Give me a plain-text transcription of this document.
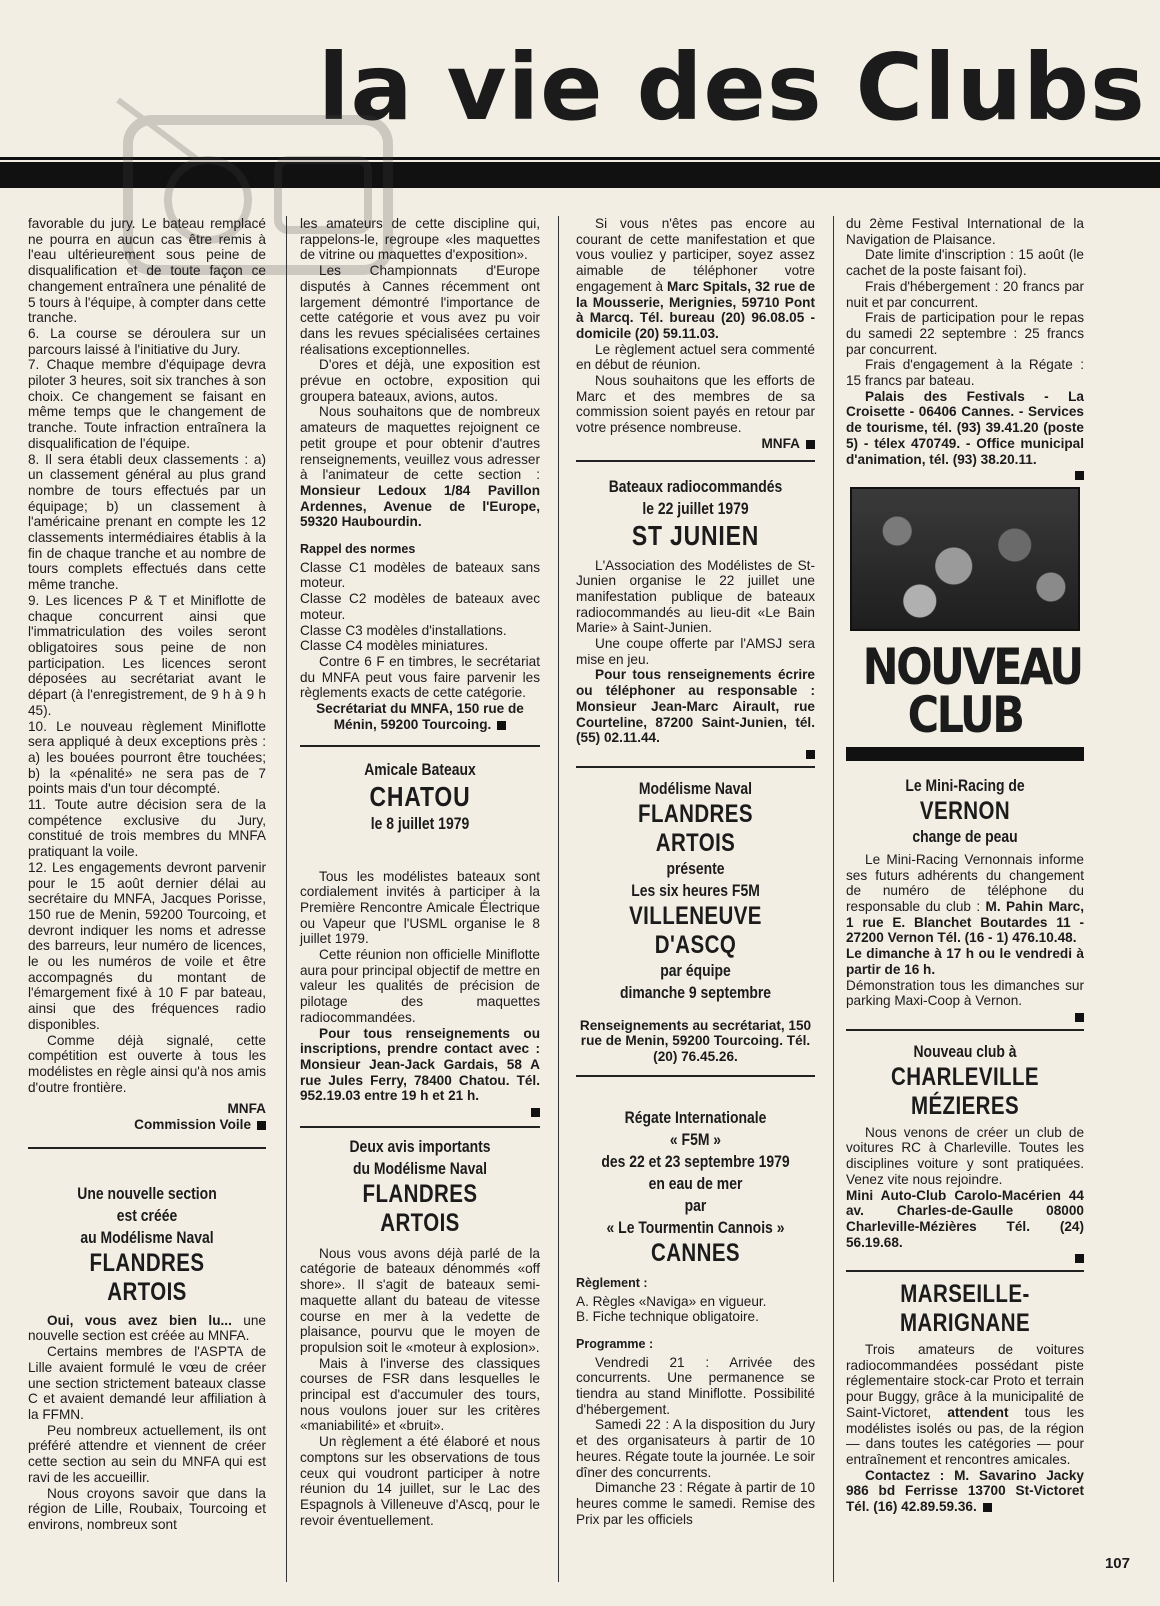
la vie des Clubs

favorable du jury. Le bateau remplacé ne pourra en aucun cas être remis à l'eau ultérieurement sous peine de disqualification et de toute façon ce changement entraînera une pénalité de 5 tours à l'équipe, à compter dans cette tranche.

6. La course se déroulera sur un parcours laissé à l'initiative du Jury.

7. Chaque membre d'équipage devra piloter 3 heures, soit six tranches à son choix. Ce changement se faisant en même temps que le changement de tranche. Toute infraction entraînera la disqualification de l'équipe.

8. Il sera établi deux classements : a) un classement général au plus grand nombre de tours effectués par un équipage; b) un classement à l'américaine prenant en compte les 12 classements intermédiaires établis à la fin de chaque tranche et au nombre de tours complets effectués dans cette même tranche.

9. Les licences P & T et Miniflotte de chaque concurrent ainsi que l'immatriculation des voiles seront obligatoires sous peine de non participation. Les licences seront déposées au secrétariat avant le départ (à l'enregistrement, de 9 h à 9 h 45).

10. Le nouveau règlement Miniflotte sera appliqué à deux exceptions près : a) les bouées pourront être touchées; b) la «pénalité» ne sera pas de 7 points mais d'un tour décompté.

11. Toute autre décision sera de la compétence exclusive du Jury, constitué de trois membres du MNFA pratiquant la voile.

12. Les engagements devront parvenir pour le 15 août dernier délai au secrétaire du MNFA, Jacques Porisse, 150 rue de Menin, 59200 Tourcoing, et devront indiquer les noms et adresse des barreurs, leur numéro de licences, le ou les numéros de voile et être accompagnés du montant de l'émargement fixé à 10 F par bateau, ainsi que des fréquences radio disponibles.

Comme déjà signalé, cette compétition est ouverte à tous les modélistes en règle ainsi qu'à nos amis d'outre frontière.

MNFA

Commission Voile

Une nouvelle section
est créée
au Modélisme Naval
FLANDRES ARTOIS

Oui, vous avez bien lu... une nouvelle section est créée au MNFA.

Certains membres de l'ASPTA de Lille avaient formulé le vœu de créer une section strictement bateaux classe C et avaient demandé leur affiliation à la FFMN.

Peu nombreux actuellement, ils ont préféré attendre et viennent de créer cette section au sein du MNFA qui est ravi de les accueillir.

Nous croyons savoir que dans la région de Lille, Roubaix, Tourcoing et environs, nombreux sont

les amateurs de cette discipline qui, rappelons-le, regroupe «les maquettes de vitrine ou maquettes d'exposition».

Les Championnats d'Europe disputés à Cannes récemment ont largement démontré l'importance de cette catégorie et vous avez pu voir dans les revues spécialisées certaines réalisations exceptionnelles.

D'ores et déjà, une exposition est prévue en octobre, exposition qui groupera bateaux, avions, autos.

Nous souhaitons que de nombreux amateurs de maquettes rejoignent ce petit groupe et pour obtenir d'autres renseignements, veuillez vous adresser à l'animateur de cette section : Monsieur Ledoux 1/84 Pavillon Ardennes, Avenue de l'Europe, 59320 Haubourdin.

Rappel des normes

Classe C1 modèles de bateaux sans moteur.

Classe C2 modèles de bateaux avec moteur.

Classe C3 modèles d'installations.

Classe C4 modèles miniatures.

Contre 6 F en timbres, le secrétariat du MNFA peut vous faire parvenir les règlements exacts de cette catégorie.

Secrétariat du MNFA, 150 rue de Ménin, 59200 Tourcoing.

Amicale Bateaux
CHATOU
le 8 juillet 1979

Tous les modélistes bateaux sont cordialement invités à participer à la Première Rencontre Amicale Électrique ou Vapeur que l'USML organise le 8 juillet 1979.

Cette réunion non officielle Miniflotte aura pour principal objectif de mettre en valeur les qualités de précision de pilotage des maquettes radiocommandées.

Pour tous renseignements ou inscriptions, prendre contact avec : Monsieur Jean-Jack Gardais, 58 A rue Jules Ferry, 78400 Chatou. Tél. 952.19.03 entre 19 h et 21 h.

Deux avis importants
du Modélisme Naval
FLANDRES ARTOIS

Nous vous avons déjà parlé de la catégorie de bateaux dénommés «off shore». Il s'agit de bateaux semi-maquette allant du bateau de vitesse course en mer à la vedette de plaisance, pourvu que le moyen de propulsion soit le «moteur à explosion».

Mais à l'inverse des classiques courses de FSR dans lesquelles le principal est d'accumuler des tours, nous voulons jouer sur les critères «maniabilité» et «bruit».

Un règlement a été élaboré et nous comptons sur les observations de tous ceux qui voudront participer à notre réunion du 14 juillet, sur le Lac des Espagnols à Villeneuve d'Ascq, pour le revoir éventuellement.

Si vous n'êtes pas encore au courant de cette manifestation et que vous vouliez y participer, soyez assez aimable de téléphoner votre engagement à Marc Spitals, 32 rue de la Mousserie, Merignies, 59710 Pont à Marcq. Tél. bureau (20) 96.08.05 - domicile (20) 59.11.03.

Le règlement actuel sera commenté en début de réunion.

Nous souhaitons que les efforts de Marc et des membres de sa commission soient payés en retour par votre présence nombreuse.

MNFA

Bateaux radiocommandés
le 22 juillet 1979
ST JUNIEN

L'Association des Modélistes de St-Junien organise le 22 juillet une manifestation publique de bateaux radiocommandés au lieu-dit «Le Bain Marie» à Saint-Junien.

Une coupe offerte par l'AMSJ sera mise en jeu.

Pour tous renseignements écrire ou téléphoner au responsable : Monsieur Jean-Marc Airault, rue Courteline, 87200 Saint-Junien, tél. (55) 02.11.44.

Modélisme Naval
FLANDRES ARTOIS
présente
Les six heures F5M
VILLENEUVE
D'ASCQ
par équipe
dimanche 9 septembre

Renseignements au secrétariat, 150 rue de Menin, 59200 Tourcoing. Tél. (20) 76.45.26.

Régate Internationale
« F5M »
des 22 et 23 septembre 1979
en eau de mer
par
« Le Tourmentin Cannois »
CANNES
Règlement :

A. Règles «Naviga» en vigueur.

B. Fiche technique obligatoire.

Programme :

Vendredi 21 : Arrivée des concurrents. Une permanence se tiendra au stand Miniflotte. Possibilité d'hébergement.

Samedi 22 : A la disposition du Jury et des organisateurs à partir de 10 heures. Régate toute la journée. Le soir dîner des concurrents.

Dimanche 23 : Régate à partir de 10 heures comme le samedi. Remise des Prix par les officiels

du 2ème Festival International de la Navigation de Plaisance.

Date limite d'inscription : 15 août (le cachet de la poste faisant foi).

Frais d'hébergement : 20 francs par nuit et par concurrent.

Frais de participation pour le repas du samedi 22 septembre : 25 francs par concurrent.

Frais d'engagement à la Régate : 15 francs par bateau.

Palais des Festivals - La Croisette - 06406 Cannes. - Services de tourisme, tél. (93) 39.41.20 (poste 5) - télex 470749. - Office municipal d'animation, tél. (93) 38.20.11.

NOUVEAU
CLUB
Le Mini-Racing de
VERNON
change de peau

Le Mini-Racing Vernonnais informe ses futurs adhérents du changement de numéro de téléphone du responsable du club : M. Pahin Marc, 1 rue E. Blanchet Boutardes 11 - 27200 Vernon Tél. (16 - 1) 476.10.48.

Le dimanche à 17 h ou le vendredi à partir de 16 h.

Démonstration tous les dimanches sur parking Maxi-Coop à Vernon.

Nouveau club à
CHARLEVILLE
MÉZIERES

Nous venons de créer un club de voitures RC à Charleville. Toutes les disciplines voiture y sont pratiquées. Venez vite nous rejoindre.

Mini Auto-Club Carolo-Macérien 44 av. Charles-de-Gaulle 08000 Charleville-Mézières Tél. (24) 56.19.68.

MARSEILLE-
MARIGNANE

Trois amateurs de voitures radiocommandées possédant piste réglementaire stock-car Proto et terrain pour Buggy, grâce à la municipalité de Saint-Victoret, attendent tous les modélistes isolés ou pas, de la région — dans toutes les catégories — pour entraînement et rencontres amicales.

Contactez : M. Savarino Jacky 986 bd Ferrisse 13700 St-Victoret Tél. (16) 42.89.59.36.

107
